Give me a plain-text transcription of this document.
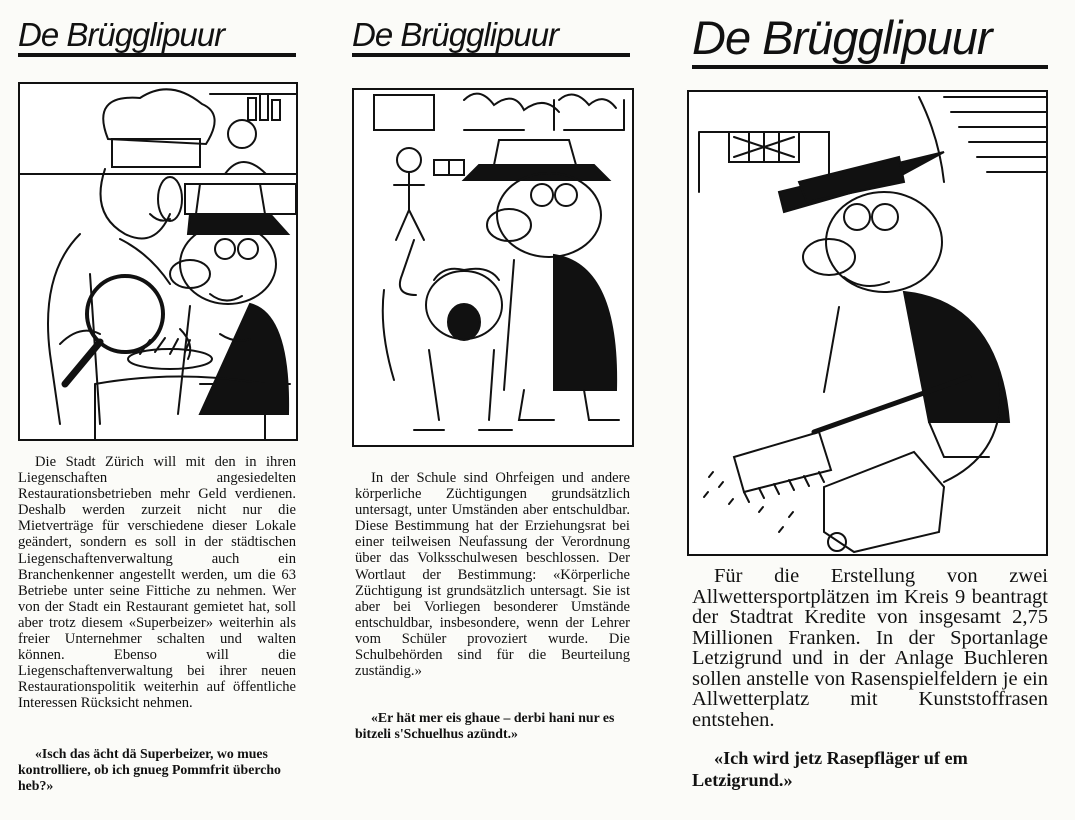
De Brügglipuur

Die Stadt Zürich will mit den in ihren Liegenschaften angesiedelten Restaurationsbetrieben mehr Geld verdienen. Deshalb werden zurzeit nicht nur die Mietverträge für verschiedene dieser Lokale geändert, sondern es soll in der städtischen Liegenschaftenverwaltung auch ein Branchenkenner angestellt werden, um die 63 Betriebe unter seine Fittiche zu nehmen. Wer von der Stadt ein Restaurant gemietet hat, soll aber trotz diesem «Superbeizer» weiterhin als freier Unternehmer schalten und walten können. Ebenso will die Liegenschaftenverwaltung bei ihrer neuen Restaurationspolitik weiterhin auf öffentliche Interessen Rücksicht nehmen.

«Isch das ächt dä Superbeizer, wo mues kontrolliere, ob ich gnueg Pommfrit übercho heb?»

De Brügglipuur

In der Schule sind Ohrfeigen und andere körperliche Züchtigungen grundsätzlich untersagt, unter Umständen aber entschuldbar. Diese Bestimmung hat der Erziehungsrat bei einer teilweisen Neufassung der Verordnung über das Volksschulwesen beschlossen. Der Wortlaut der Bestimmung: «Körperliche Züchtigung ist grundsätzlich untersagt. Sie ist aber bei Vorliegen besonderer Umstände entschuldbar, insbesondere, wenn der Lehrer vom Schüler provoziert wurde. Die Schulbehörden sind für die Beurteilung zuständig.»

«Er hät mer eis ghaue – derbi hani nur es bitzeli s'Schuelhus azündt.»

De Brügglipuur

Für die Erstellung von zwei Allwettersportplätzen im Kreis 9 beantragt der Stadtrat Kredite von insgesamt 2,75 Millionen Franken. In der Sportanlage Letzigrund und in der Anlage Buchleren sollen anstelle von Rasenspielfeldern je ein Allwetterplatz mit Kunststoffrasen entstehen.

«Ich wird jetz Rasepfläger uf em Letzigrund.»
